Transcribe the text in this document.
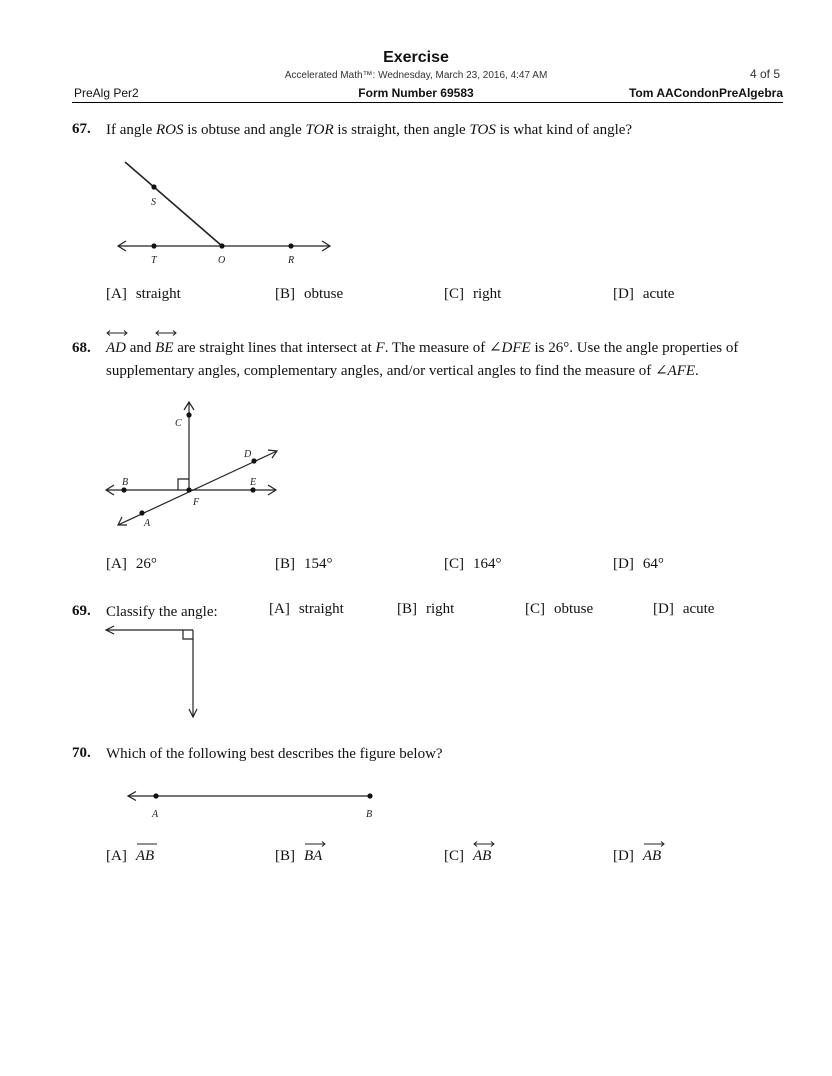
Exercise
Accelerated Math™: Wednesday, March 23, 2016, 4:47 AM	4 of 5
PreAlg Per2	Form Number 69583	Tom AACondonPreAlgebra
67. If angle ROS is obtuse and angle TOR is straight, then angle TOS is what kind of angle?
S
T	O	R
[A] straight	[B] obtuse	[C] right	[D] acute
68. AD and BE are straight lines that intersect at F. The measure of ∠DFE is 26°. Use the angle properties of supplementary angles, complementary angles, and/or vertical angles to find the measure of ∠AFE.
C
D
B	E
F
A
[A] 26°	[B] 154°	[C] 164°	[D] 64°
69. Classify the angle:	[A] straight	[B] right	[C] obtuse	[D] acute
70. Which of the following best describes the figure below?
A	B
[A] AB	[B] BA	[C] AB	[D] AB
